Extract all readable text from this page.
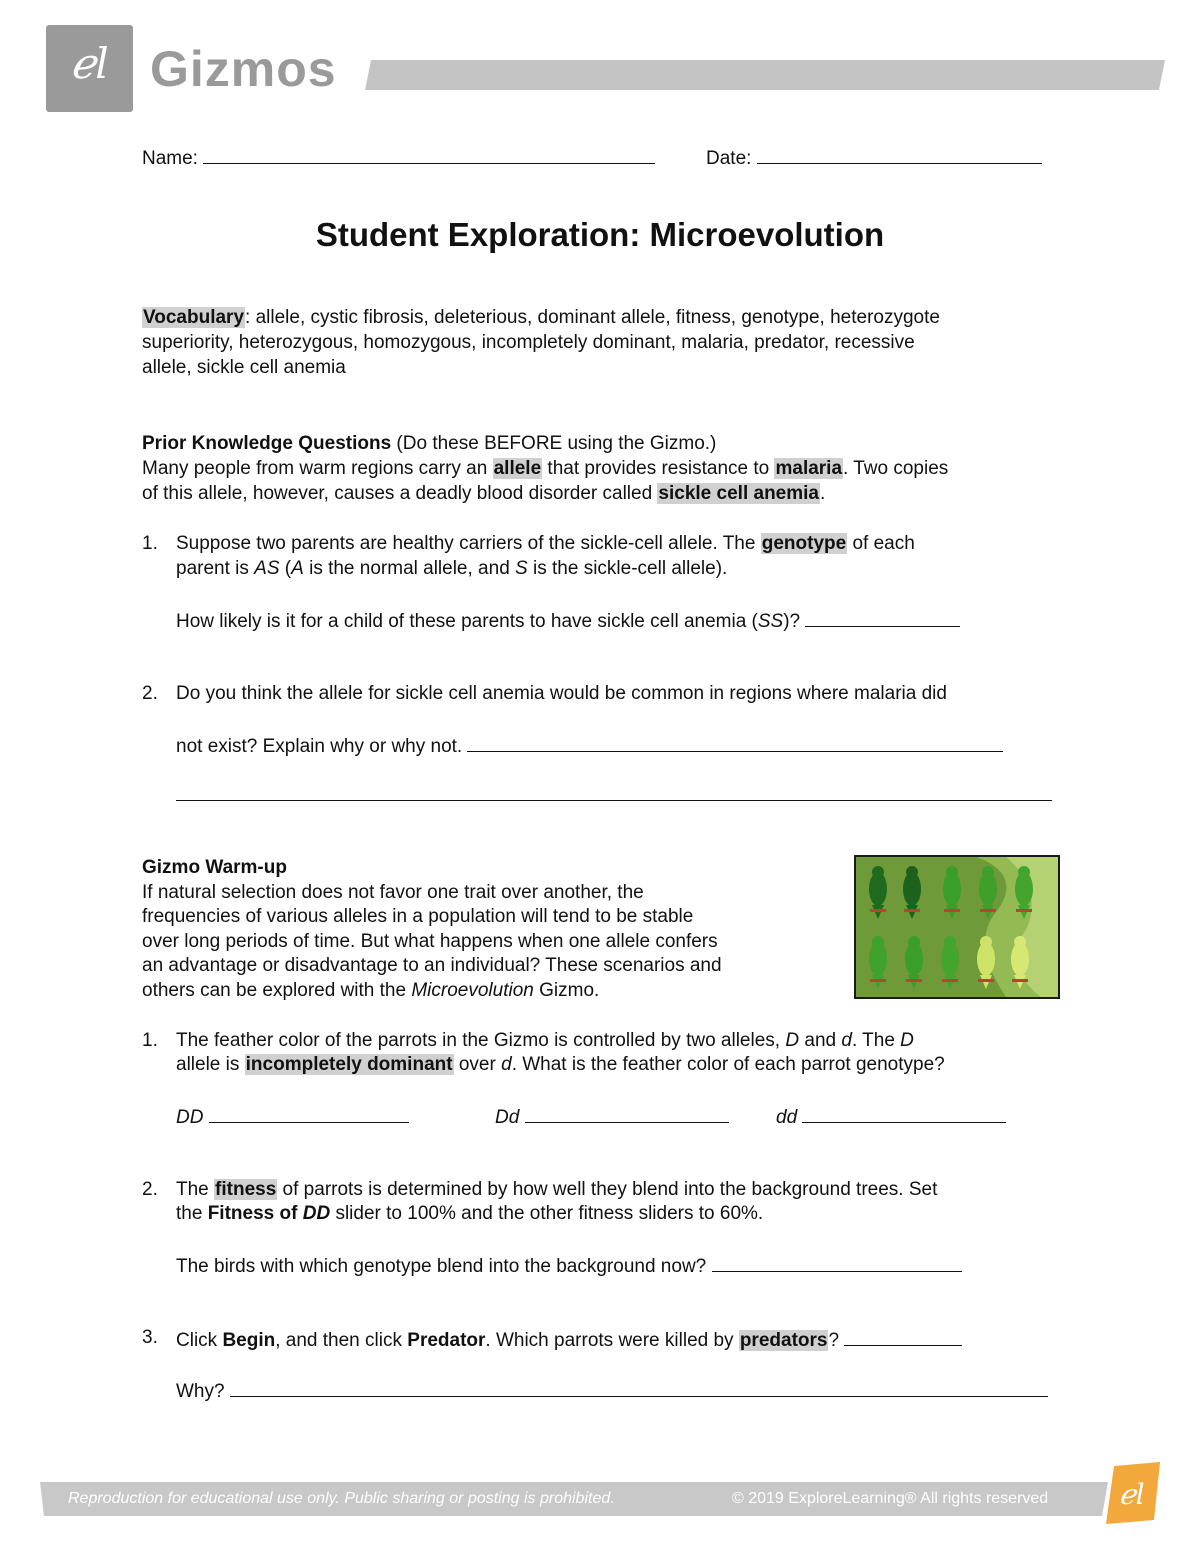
ℯl Gizmos
Name:	Date:
Student Exploration: Microevolution
Vocabulary: allele, cystic fibrosis, deleterious, dominant allele, fitness, genotype, heterozygote
superiority, heterozygous, homozygous, incompletely dominant, malaria, predator, recessive
allele, sickle cell anemia
Prior Knowledge Questions (Do these BEFORE using the Gizmo.)
Many people from warm regions carry an allele that provides resistance to malaria. Two copies
of this allele, however, causes a deadly blood disorder called sickle cell anemia.
1. Suppose two parents are healthy carriers of the sickle-cell allele. The genotype of each
parent is AS (A is the normal allele, and S is the sickle-cell allele).
How likely is it for a child of these parents to have sickle cell anemia (SS)?
2. Do you think the allele for sickle cell anemia would be common in regions where malaria did
not exist? Explain why or why not.
Gizmo Warm-up
If natural selection does not favor one trait over another, the
frequencies of various alleles in a population will tend to be stable
over long periods of time. But what happens when one allele confers
an advantage or disadvantage to an individual? These scenarios and
others can be explored with the Microevolution Gizmo.
1. The feather color of the parrots in the Gizmo is controlled by two alleles, D and d. The D
allele is incompletely dominant over d. What is the feather color of each parrot genotype?
DD	Dd	dd
2. The fitness of parrots is determined by how well they blend into the background trees. Set
the Fitness of DD slider to 100% and the other fitness sliders to 60%.
The birds with which genotype blend into the background now?
3. Click Begin, and then click Predator. Which parrots were killed by predators?
Why?
Reproduction for educational use only. Public sharing or posting is prohibited.	© 2019 ExploreLearning® All rights reserved	ℯl
